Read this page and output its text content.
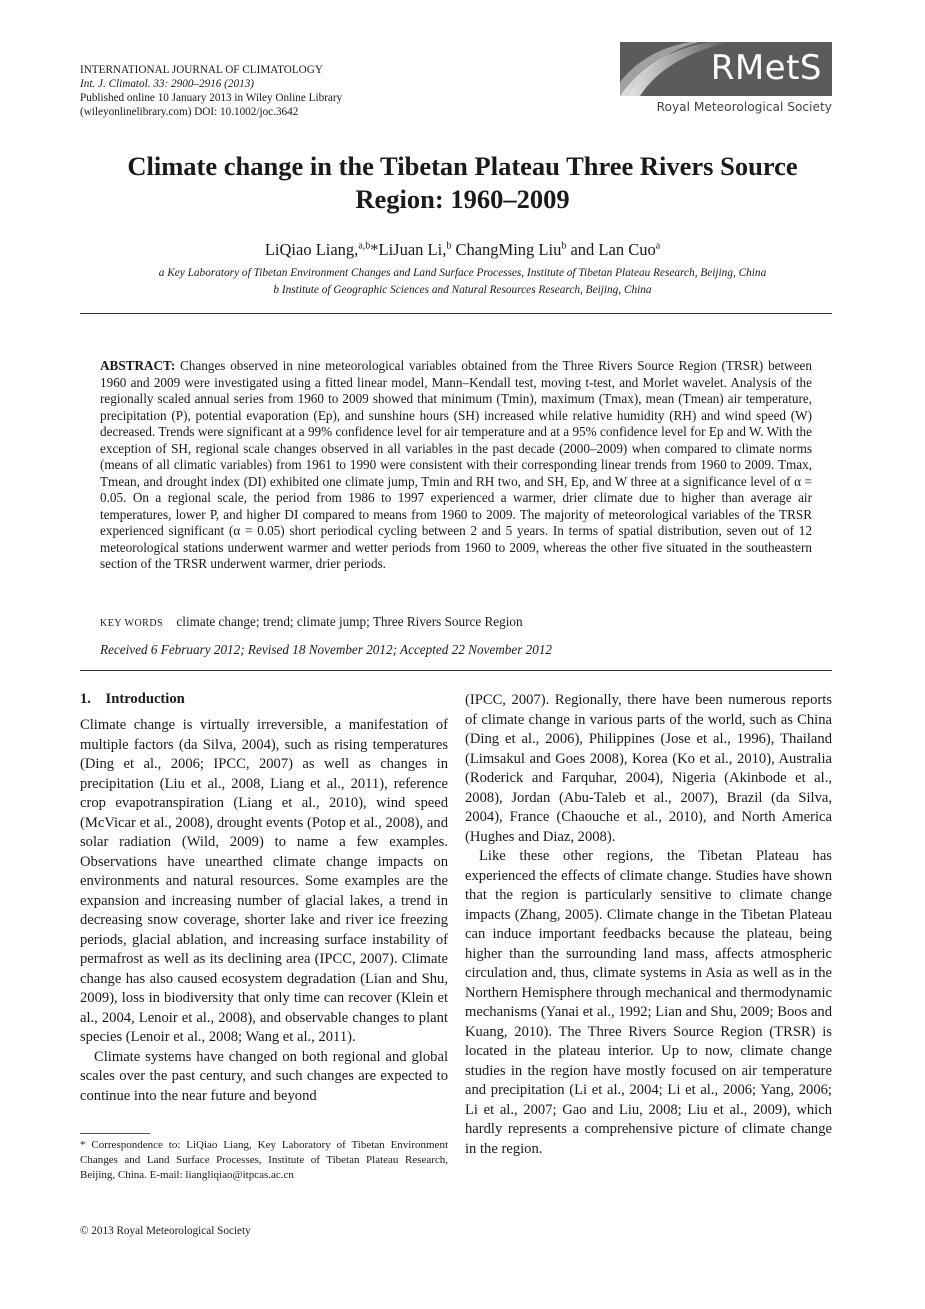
INTERNATIONAL JOURNAL OF CLIMATOLOGY
Int. J. Climatol. 33: 2900–2916 (2013)
Published online 10 January 2013 in Wiley Online Library
(wileyonlinelibrary.com) DOI: 10.1002/joc.3642
RMetS
Royal Meteorological Society
Climate change in the Tibetan Plateau Three Rivers Source
Region: 1960–2009
LiQiao Liang,$^{a,b}$*LiJuan Li,$^b$ ChangMing Liu$^b$ and Lan Cuo$^a$
a Key Laboratory of Tibetan Environment Changes and Land Surface Processes, Institute of Tibetan Plateau Research, Beijing, China
b Institute of Geographic Sciences and Natural Resources Research, Beijing, China
ABSTRACT: Changes observed in nine meteorological variables obtained from the Three Rivers Source Region (TRSR) between 1960 and 2009 were investigated using a fitted linear model, Mann–Kendall test, moving t-test, and Morlet wavelet. Analysis of the regionally scaled annual series from 1960 to 2009 showed that minimum (Tmin), maximum (Tmax), mean (Tmean) air temperature, precipitation (P), potential evaporation (Ep), and sunshine hours (SH) increased while relative humidity (RH) and wind speed (W) decreased. Trends were significant at a 99% confidence level for air temperature and at a 95% confidence level for Ep and W. With the exception of SH, regional scale changes observed in all variables in the past decade (2000–2009) when compared to climate norms (means of all climatic variables) from 1961 to 1990 were consistent with their corresponding linear trends from 1960 to 2009. Tmax, Tmean, and drought index (DI) exhibited one climate jump, Tmin and RH two, and SH, Ep, and W three at a significance level of α = 0.05. On a regional scale, the period from 1986 to 1997 experienced a warmer, drier climate due to higher than average air temperatures, lower P, and higher DI compared to means from 1960 to 2009. The majority of meteorological variables of the TRSR experienced significant (α = 0.05) short periodical cycling between 2 and 5 years. In terms of spatial distribution, seven out of 12 meteorological stations underwent warmer and wetter periods from 1960 to 2009, whereas the other five situated in the southeastern section of the TRSR underwent warmer, drier periods.
KEY WORDS climate change; trend; climate jump; Three Rivers Source Region
Received 6 February 2012; Revised 18 November 2012; Accepted 22 November 2012
1. Introduction

Climate change is virtually irreversible, a manifestation of multiple factors (da Silva, 2004), such as rising temperatures (Ding et al., 2006; IPCC, 2007) as well as changes in precipitation (Liu et al., 2008, Liang et al., 2011), reference crop evapotranspiration (Liang et al., 2010), wind speed (McVicar et al., 2008), drought events (Potop et al., 2008), and solar radiation (Wild, 2009) to name a few examples. Observations have unearthed climate change impacts on environments and natural resources. Some examples are the expansion and increasing number of glacial lakes, a trend in decreasing snow coverage, shorter lake and river ice freezing periods, glacial ablation, and increasing surface instability of permafrost as well as its declining area (IPCC, 2007). Climate change has also caused ecosystem degradation (Lian and Shu, 2009), loss in biodiversity that only time can recover (Klein et al., 2004, Lenoir et al., 2008), and observable changes to plant species (Lenoir et al., 2008; Wang et al., 2011).

Climate systems have changed on both regional and global scales over the past century, and such changes are expected to continue into the near future and beyond

(IPCC, 2007). Regionally, there have been numerous reports of climate change in various parts of the world, such as China (Ding et al., 2006), Philippines (Jose et al., 1996), Thailand (Limsakul and Goes 2008), Korea (Ko et al., 2010), Australia (Roderick and Farquhar, 2004), Nigeria (Akinbode et al., 2008), Jordan (Abu-Taleb et al., 2007), Brazil (da Silva, 2004), France (Chaouche et al., 2010), and North America (Hughes and Diaz, 2008).

Like these other regions, the Tibetan Plateau has experienced the effects of climate change. Studies have shown that the region is particularly sensitive to climate change impacts (Zhang, 2005). Climate change in the Tibetan Plateau can induce important feedbacks because the plateau, being higher than the surrounding land mass, affects atmospheric circulation and, thus, climate systems in Asia as well as in the Northern Hemisphere through mechanical and thermodynamic mechanisms (Yanai et al., 1992; Lian and Shu, 2009; Boos and Kuang, 2010). The Three Rivers Source Region (TRSR) is located in the plateau interior. Up to now, climate change studies in the region have mostly focused on air temperature and precipitation (Li et al., 2004; Li et al., 2006; Yang, 2006; Li et al., 2007; Gao and Liu, 2008; Liu et al., 2009), which hardly represents a comprehensive picture of climate change in the region.

* Correspondence to: LiQiao Liang, Key Laboratory of Tibetan Environment Changes and Land Surface Processes, Institute of Tibetan Plateau Research, Beijing, China. E-mail: liangliqiao@itpcas.ac.cn
© 2013 Royal Meteorological Society
